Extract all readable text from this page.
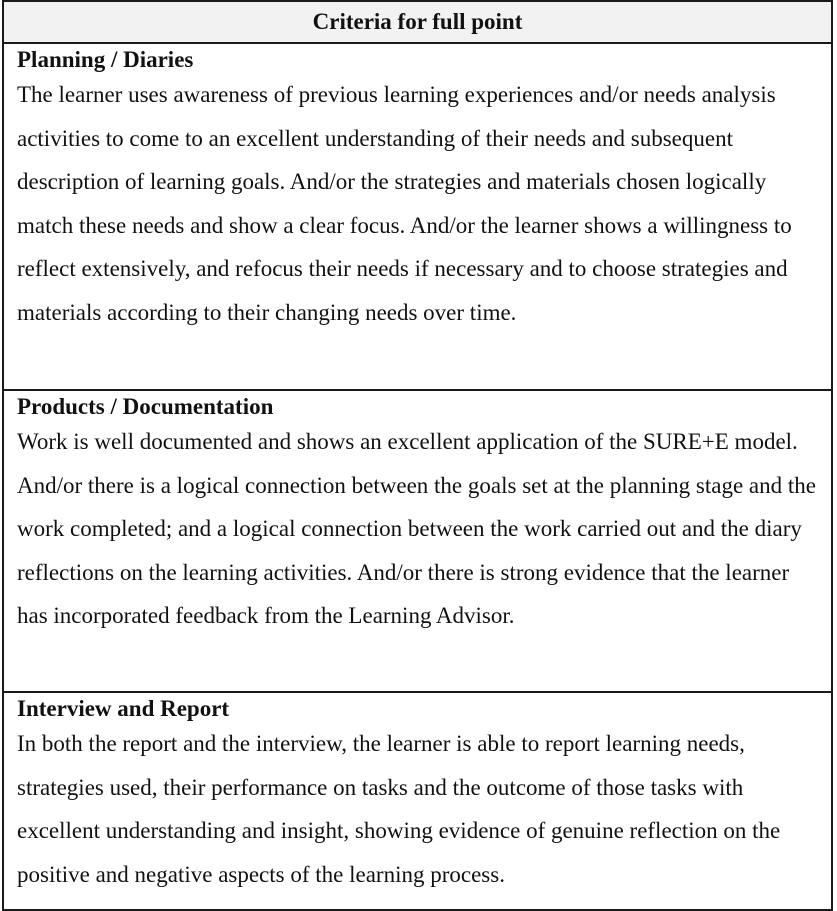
Criteria for full point
Planning / Diaries
The learner uses awareness of previous learning experiences and/or needs analysis activities to come to an excellent understanding of their needs and subsequent description of learning goals. And/or the strategies and materials chosen logically match these needs and show a clear focus. And/or the learner shows a willingness to reflect extensively, and refocus their needs if necessary and to choose strategies and materials according to their changing needs over time.
Products / Documentation
Work is well documented and shows an excellent application of the SURE+E model. And/or there is a logical connection between the goals set at the planning stage and the work completed; and a logical connection between the work carried out and the diary reflections on the learning activities. And/or there is strong evidence that the learner has incorporated feedback from the Learning Advisor.
Interview and Report
In both the report and the interview, the learner is able to report learning needs, strategies used, their performance on tasks and the outcome of those tasks with excellent understanding and insight, showing evidence of genuine reflection on the positive and negative aspects of the learning process.
